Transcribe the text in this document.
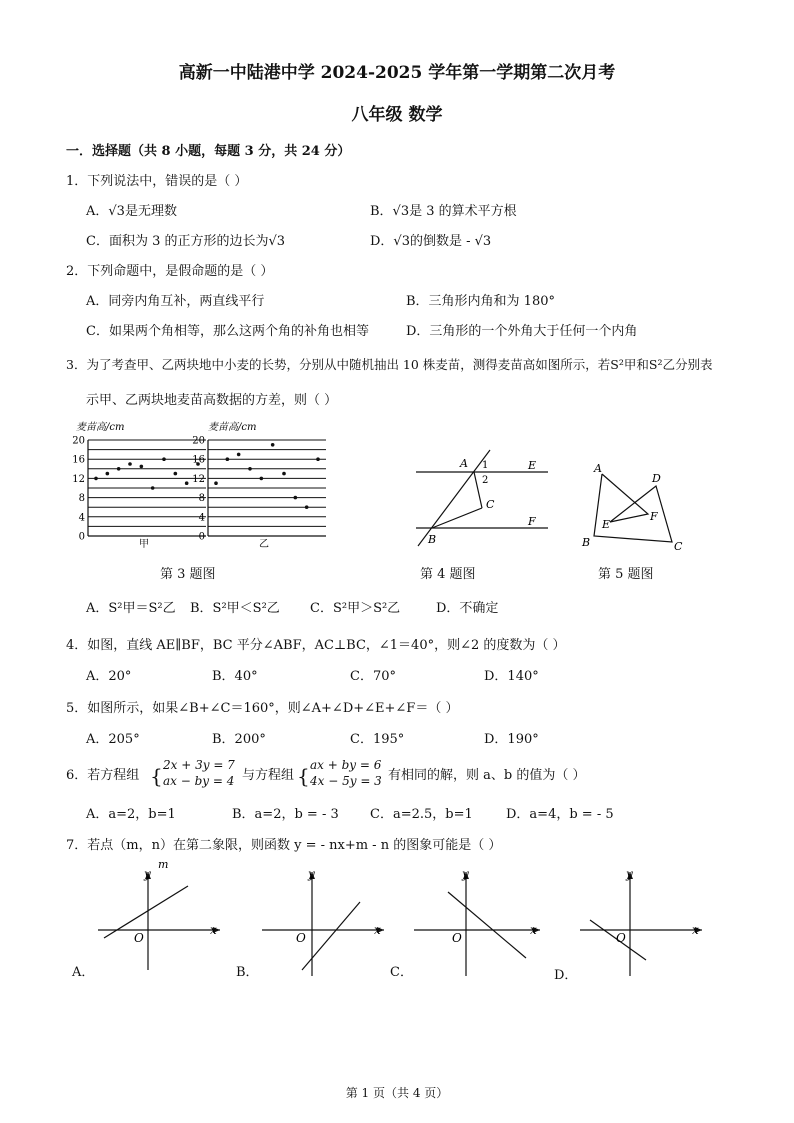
高新一中陆港中学 2024-2025 学年第一学期第二次月考
八年级 数学
一．选择题（共 8 小题，每题 3 分，共 24 分）
1．下列说法中，错误的是（ ）
A．√3是无理数	B．√3是 3 的算术平方根
C．面积为 3 的正方形的边长为√3	D．√3的倒数是 - √3
2．下列命题中，是假命题的是（ ）
A．同旁内角互补，两直线平行	B．三角形内角和为 180°
C．如果两个角相等，那么这两个角的补角也相等	D．三角形的一个外角大于任何一个内角
3．为了考查甲、乙两块地中小麦的长势，分别从中随机抽出 10 株麦苗，测得麦苗高如图所示，若S²甲和S²乙分别表
示甲、乙两块地麦苗高数据的方差，则（ ）
麦苗高/cm	麦苗高/cm
0
4
8
12
16
20
0
4
8
12
16
20
甲	乙
第 3 题图
A 1
2
E
C
F
B
第 4 题图
A
B	C
D
E
F
第 5 题图
A．S²甲＝S²乙 B．S²甲＜S²乙 C．S²甲＞S²乙	D．不确定
4．如图，直线 AE∥BF，BC 平分∠ABF，AC⊥BC，∠1＝40°，则∠2 的度数为（ ）
A．20°	B．40°	C．70°	D．140°
5．如图所示，如果∠B+∠C＝160°，则∠A+∠D+∠E+∠F＝（ ）
A．205°	B．200°	C．195°	D．190°
6．若方程组 { 2x + 3y = 7
ax − by = 4 与方程组 { ax + by = 6
4x − 5y = 3 有相同的解，则 a、b 的值为（ ）
A．a=2，b=1	B．a=2，b = - 3 C．a=2.5，b=1	D．a=4，b = - 5
7．若点（m，n）在第二象限，则函数 y = - nx+m - n 的图象可能是（ ）
x
y
O
m
x
y
O
x
y
O
x
y
O
A．	B．	C．	D．
第 1 页（共 4 页）
